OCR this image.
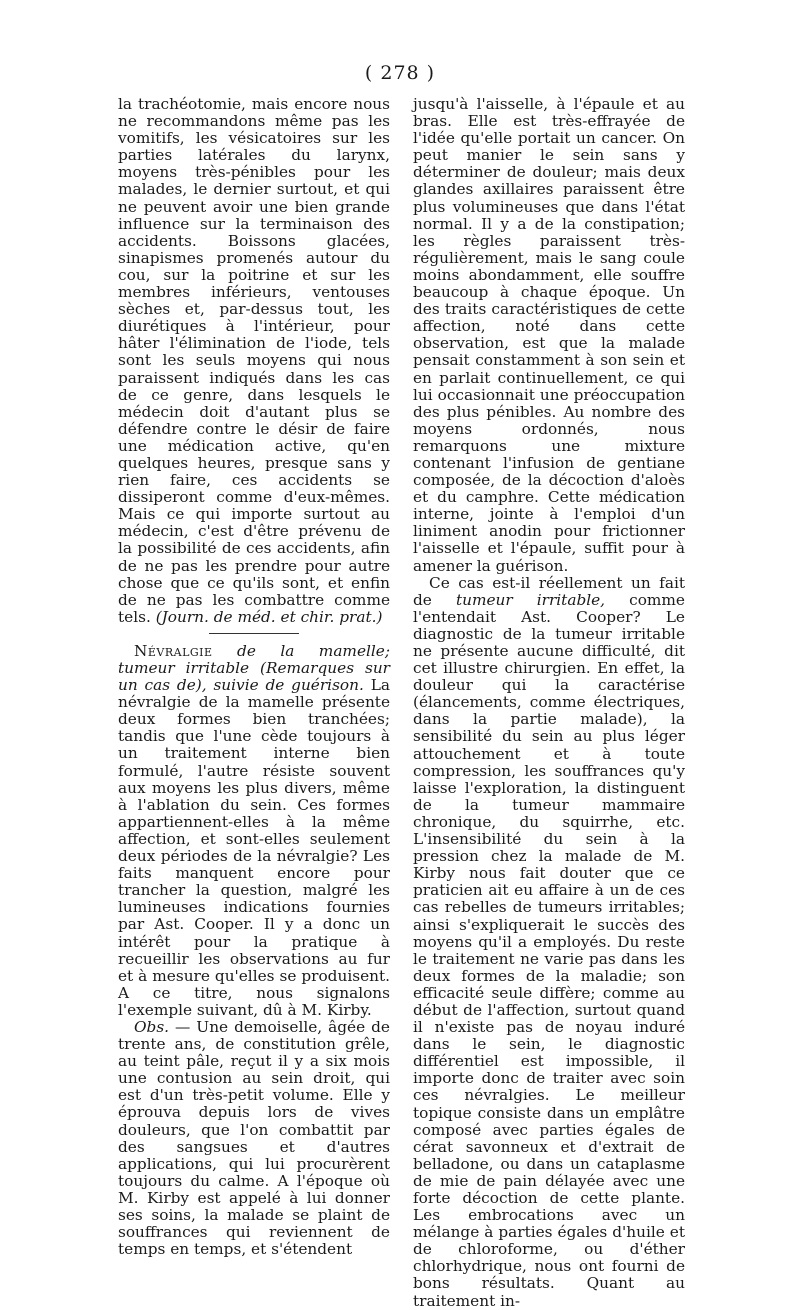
( 278 )

la trachéotomie, mais encore nous ne recommandons même pas les vomitifs, les vésicatoires sur les parties latérales du larynx, moyens très-pénibles pour les malades, le dernier surtout, et qui ne peuvent avoir une bien grande influence sur la terminaison des accidents. Boissons glacées, sinapismes promenés autour du cou, sur la poitrine et sur les membres inférieurs, ventouses sèches et, par-dessus tout, les diurétiques à l'intérieur, pour hâter l'élimination de l'iode, tels sont les seuls moyens qui nous paraissent indiqués dans les cas de ce genre, dans lesquels le médecin doit d'autant plus se défendre contre le désir de faire une médication active, qu'en quelques heures, presque sans y rien faire, ces accidents se dissiperont comme d'eux-mêmes. Mais ce qui importe surtout au médecin, c'est d'être prévenu de la possibilité de ces accidents, afin de ne pas les prendre pour autre chose que ce qu'ils sont, et enfin de ne pas les combattre comme tels. (Journ. de méd. et chir. prat.)

Névralgie de la mamelle; tumeur irritable (Remarques sur un cas de), suivie de guérison. La névralgie de la mamelle présente deux formes bien tranchées; tandis que l'une cède toujours à un traitement interne bien formulé, l'autre résiste souvent aux moyens les plus divers, même à l'ablation du sein. Ces formes appartiennent-elles à la même affection, et sont-elles seulement deux périodes de la névralgie? Les faits manquent encore pour trancher la question, malgré les lumineuses indications fournies par Ast. Cooper. Il y a donc un intérêt pour la pratique à recueillir les observations au fur et à mesure qu'elles se produisent. A ce titre, nous signalons l'exemple suivant, dû à M. Kirby.

Obs. — Une demoiselle, âgée de trente ans, de constitution grêle, au teint pâle, reçut il y a six mois une contusion au sein droit, qui est d'un très-petit volume. Elle y éprouva depuis lors de vives douleurs, que l'on combattit par des sangsues et d'autres applications, qui lui procurèrent toujours du calme. A l'époque où M. Kirby est appelé à lui donner ses soins, la malade se plaint de souffrances qui reviennent de temps en temps, et s'étendent

jusqu'à l'aisselle, à l'épaule et au bras. Elle est très-effrayée de l'idée qu'elle portait un cancer. On peut manier le sein sans y déterminer de douleur; mais deux glandes axillaires paraissent être plus volumineuses que dans l'état normal. Il y a de la constipation; les règles paraissent très-régulièrement, mais le sang coule moins abondamment, elle souffre beaucoup à chaque époque. Un des traits caractéristiques de cette affection, noté dans cette observation, est que la malade pensait constamment à son sein et en parlait continuellement, ce qui lui occasionnait une préoccupation des plus pénibles. Au nombre des moyens ordonnés, nous remarquons une mixture contenant l'infusion de gentiane composée, de la décoction d'aloès et du camphre. Cette médication interne, jointe à l'emploi d'un liniment anodin pour frictionner l'aisselle et l'épaule, suffit pour à amener la guérison.

Ce cas est-il réellement un fait de tumeur irritable, comme l'entendait Ast. Cooper? Le diagnostic de la tumeur irritable ne présente aucune difficulté, dit cet illustre chirurgien. En effet, la douleur qui la caractérise (élancements, comme électriques, dans la partie malade), la sensibilité du sein au plus léger attouchement et à toute compression, les souffrances qu'y laisse l'exploration, la distinguent de la tumeur mammaire chronique, du squirrhe, etc. L'insensibilité du sein à la pression chez la malade de M. Kirby nous fait douter que ce praticien ait eu affaire à un de ces cas rebelles de tumeurs irritables; ainsi s'expliquerait le succès des moyens qu'il a employés. Du reste le traitement ne varie pas dans les deux formes de la maladie; son efficacité seule diffère; comme au début de l'affection, surtout quand il n'existe pas de noyau induré dans le sein, le diagnostic différentiel est impossible, il importe donc de traiter avec soin ces névralgies. Le meilleur topique consiste dans un emplâtre composé avec parties égales de cérat savonneux et d'extrait de belladone, ou dans un cataplasme de mie de pain délayée avec une forte décoction de cette plante. Les embrocations avec un mélange à parties égales d'huile et de chloroforme, ou d'éther chlorhydrique, nous ont fourni de bons résultats. Quant au traitement in-
